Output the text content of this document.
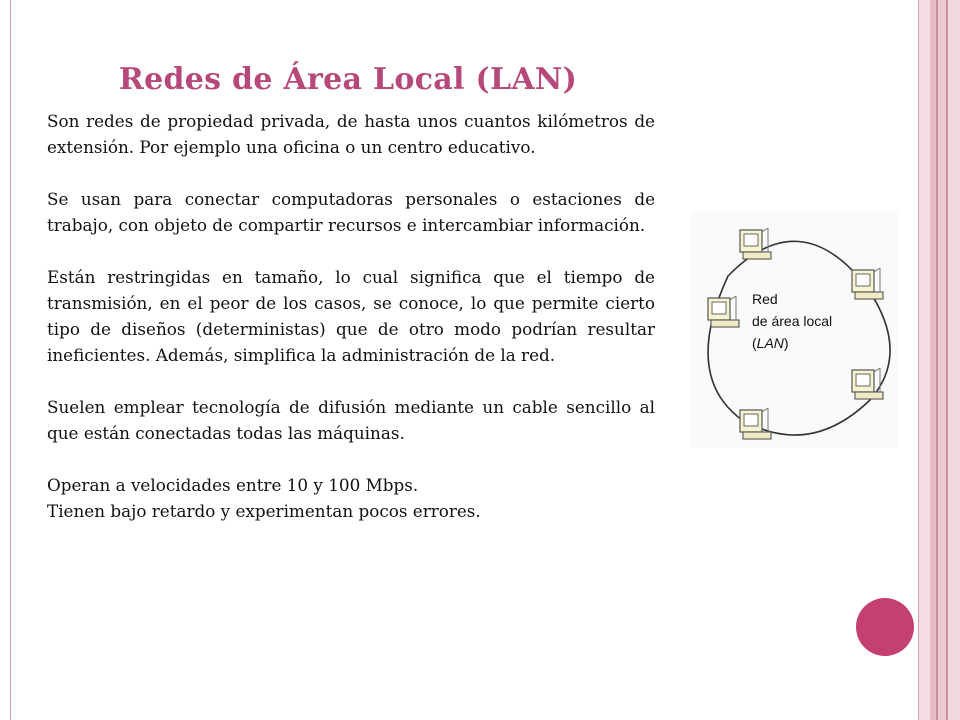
Redes de Área Local (LAN)

Son redes de propiedad privada, de hasta unos cuantos kilómetros de extensión. Por ejemplo una oficina o un centro educativo.

Se usan para conectar computadoras personales o estaciones de trabajo, con objeto de compartir recursos e intercambiar información.

Están restringidas en tamaño, lo cual significa que el tiempo de transmisión, en el peor de los casos, se conoce, lo que permite cierto tipo de diseños (deterministas) que de otro modo podrían resultar ineficientes. Además, simplifica la administración de la red.

Suelen emplear tecnología de difusión mediante un cable sencillo al que están conectadas todas las máquinas.

Operan a velocidades entre 10 y 100 Mbps.

Tienen bajo retardo y experimentan pocos errores.

Red
de área local
(LAN)
